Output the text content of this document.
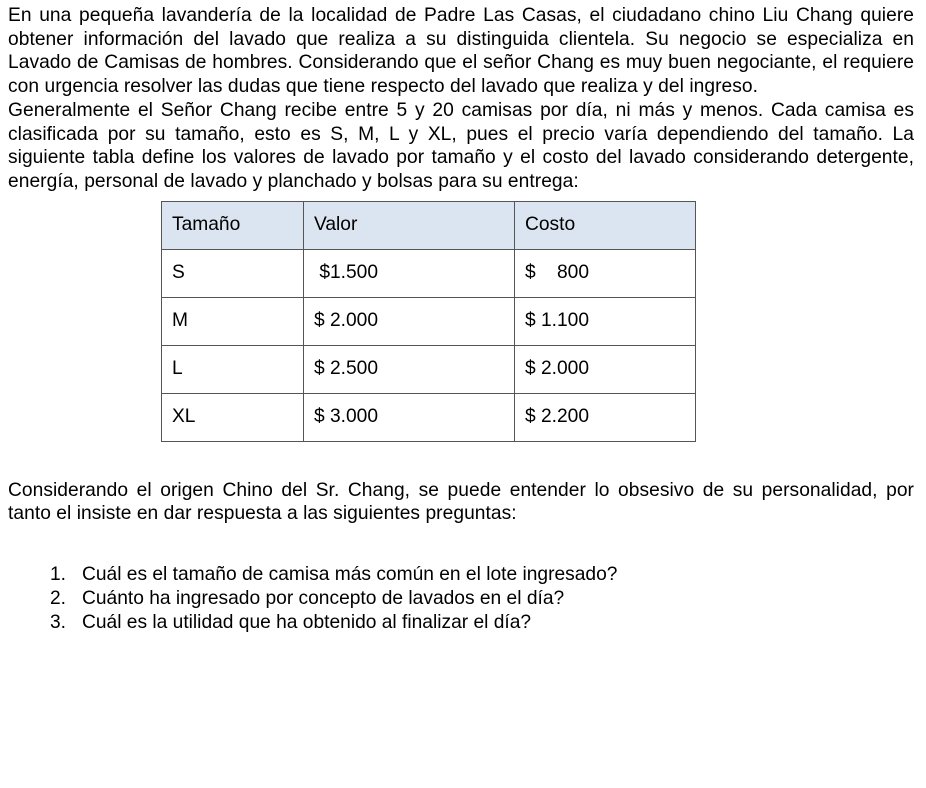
En una pequeña lavandería de la localidad de Padre Las Casas, el ciudadano chino Liu Chang quiere obtener información del lavado que realiza a su distinguida clientela. Su negocio se especializa en Lavado de Camisas de hombres. Considerando que el señor Chang es muy buen negociante, el requiere con urgencia resolver las dudas que tiene respecto del lavado que realiza y del ingreso.

Generalmente el Señor Chang recibe entre 5 y 20 camisas por día, ni más y menos. Cada camisa es clasificada por su tamaño, esto es S, M, L y XL, pues el precio varía dependiendo del tamaño. La siguiente tabla define los valores de lavado por tamaño y el costo del lavado considerando detergente, energía, personal de lavado y planchado y bolsas para su entrega:

Tamaño	Valor	Costo
S	$1.500	$    800
M	$ 2.000	$ 1.100
L	$ 2.500	$ 2.000
XL	$ 3.000	$ 2.200

Considerando el origen Chino del Sr. Chang, se puede entender lo obsesivo de su personalidad, por tanto el insiste en dar respuesta a las siguientes preguntas:

1. Cuál es el tamaño de camisa más común en el lote ingresado?
2. Cuánto ha ingresado por concepto de lavados en el día?
3. Cuál es la utilidad que ha obtenido al finalizar el día?
